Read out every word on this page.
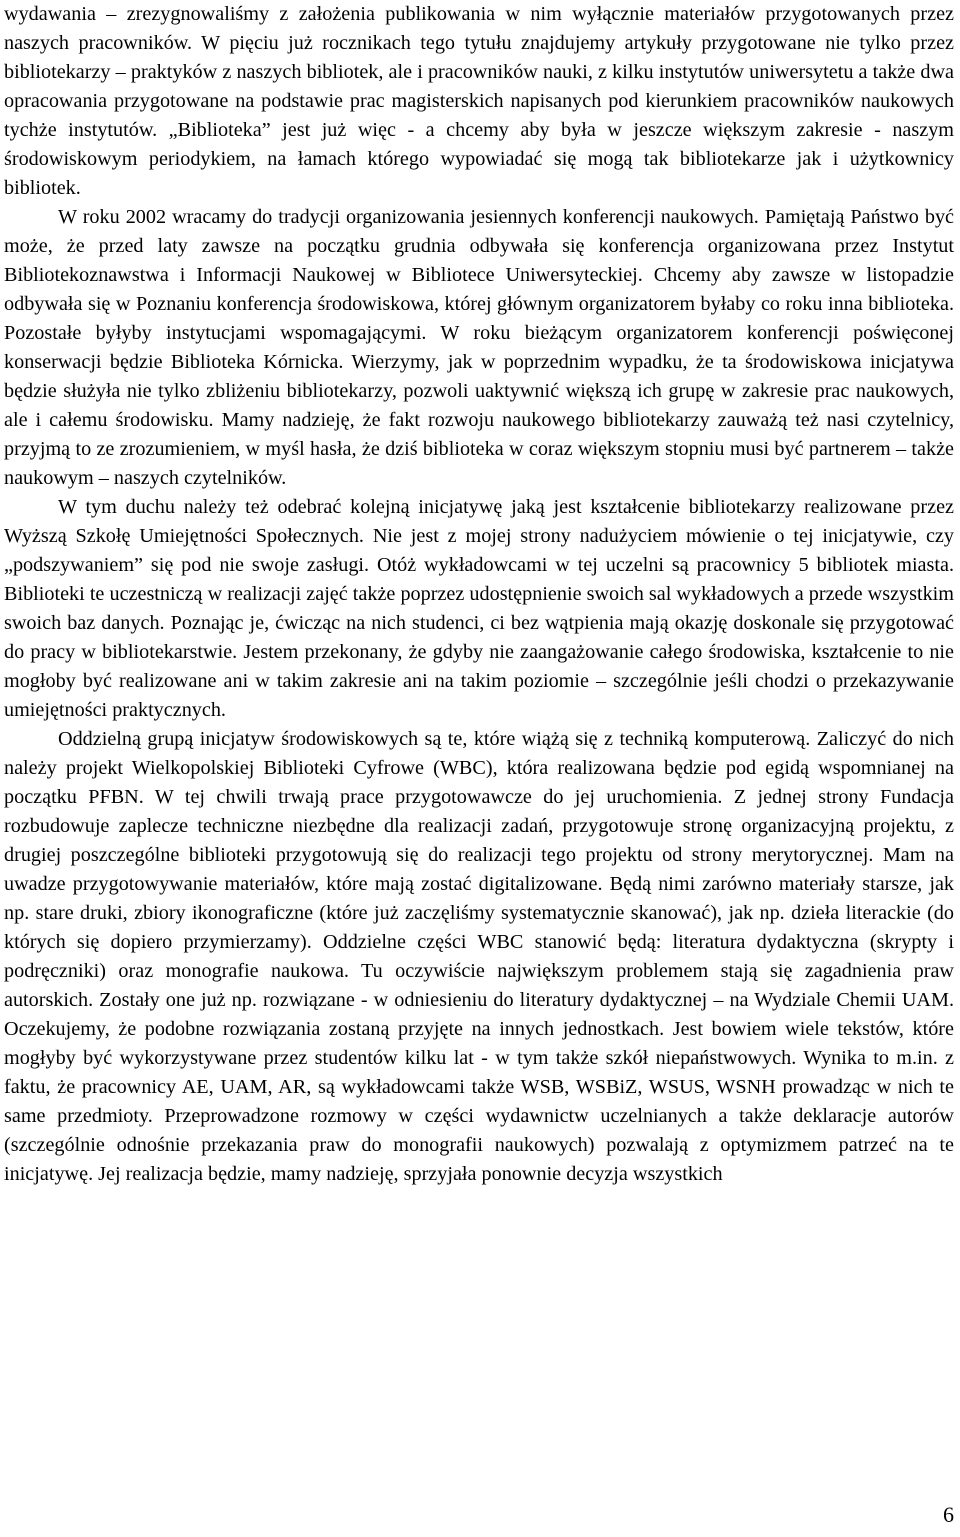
wydawania – zrezygnowaliśmy z założenia publikowania w nim wyłącznie materiałów przygotowanych przez naszych pracowników. W pięciu już rocznikach tego tytułu znajdujemy artykuły przygotowane nie tylko przez bibliotekarzy – praktyków z naszych bibliotek, ale i pracowników nauki, z kilku instytutów uniwersytetu a także dwa opracowania przygotowane na podstawie prac magisterskich napisanych pod kierunkiem pracowników naukowych tychże instytutów. „Biblioteka” jest już więc - a chcemy aby była w jeszcze większym zakresie - naszym środowiskowym periodykiem, na łamach którego wypowiadać się mogą tak bibliotekarze jak i użytkownicy bibliotek.

W roku 2002 wracamy do tradycji organizowania jesiennych konferencji naukowych. Pamiętają Państwo być może, że przed laty zawsze na początku grudnia odbywała się konferencja organizowana przez Instytut Bibliotekoznawstwa i Informacji Naukowej w Bibliotece Uniwersyteckiej. Chcemy aby zawsze w listopadzie odbywała się w Poznaniu konferencja środowiskowa, której głównym organizatorem byłaby co roku inna biblioteka. Pozostałe byłyby instytucjami wspomagającymi. W roku bieżącym organizatorem konferencji poświęconej konserwacji będzie Biblioteka Kórnicka. Wierzymy, jak w poprzednim wypadku, że ta środowiskowa inicjatywa będzie służyła nie tylko zbliżeniu bibliotekarzy, pozwoli uaktywnić większą ich grupę w zakresie prac naukowych, ale i całemu środowisku. Mamy nadzieję, że fakt rozwoju naukowego bibliotekarzy zauważą też nasi czytelnicy, przyjmą to ze zrozumieniem, w myśl hasła, że dziś biblioteka w coraz większym stopniu musi być partnerem – także naukowym – naszych czytelników.

W tym duchu należy też odebrać kolejną inicjatywę jaką jest kształcenie bibliotekarzy realizowane przez Wyższą Szkołę Umiejętności Społecznych. Nie jest z mojej strony nadużyciem mówienie o tej inicjatywie, czy „podszywaniem” się pod nie swoje zasługi. Otóż wykładowcami w tej uczelni są pracownicy 5 bibliotek miasta. Biblioteki te uczestniczą w realizacji zajęć także poprzez udostępnienie swoich sal wykładowych a przede wszystkim swoich baz danych. Poznając je, ćwicząc na nich studenci, ci bez wątpienia mają okazję doskonale się przygotować do pracy w bibliotekarstwie. Jestem przekonany, że gdyby nie zaangażowanie całego środowiska, kształcenie to nie mogłoby być realizowane ani w takim zakresie ani na takim poziomie – szczególnie jeśli chodzi o przekazywanie umiejętności praktycznych.

Oddzielną grupą inicjatyw środowiskowych są te, które wiążą się z techniką komputerową. Zaliczyć do nich należy projekt Wielkopolskiej Biblioteki Cyfrowe (WBC), która realizowana będzie pod egidą wspomnianej na początku PFBN. W tej chwili trwają prace przygotowawcze do jej uruchomienia. Z jednej strony Fundacja rozbudowuje zaplecze techniczne niezbędne dla realizacji zadań, przygotowuje stronę organizacyjną projektu, z drugiej poszczególne biblioteki przygotowują się do realizacji tego projektu od strony merytorycznej. Mam na uwadze przygotowywanie materiałów, które mają zostać digitalizowane. Będą nimi zarówno materiały starsze, jak np. stare druki, zbiory ikonograficzne (które już zaczęliśmy systematycznie skanować), jak np. dzieła literackie (do których się dopiero przymierzamy). Oddzielne części WBC stanowić będą: literatura dydaktyczna (skrypty i podręczniki) oraz monografie naukowa. Tu oczywiście największym problemem stają się zagadnienia praw autorskich. Zostały one już np. rozwiązane - w odniesieniu do literatury dydaktycznej – na Wydziale Chemii UAM. Oczekujemy, że podobne rozwiązania zostaną przyjęte na innych jednostkach. Jest bowiem wiele tekstów, które mogłyby być wykorzystywane przez studentów kilku lat - w tym także szkół niepaństwowych. Wynika to m.in. z faktu, że pracownicy AE, UAM, AR, są wykładowcami także WSB, WSBiZ, WSUS, WSNH prowadząc w nich te same przedmioty. Przeprowadzone rozmowy w części wydawnictw uczelnianych a także deklaracje autorów (szczególnie odnośnie przekazania praw do monografii naukowych) pozwalają z optymizmem patrzeć na te inicjatywę. Jej realizacja będzie, mamy nadzieję, sprzyjała ponownie decyzja wszystkich

6
